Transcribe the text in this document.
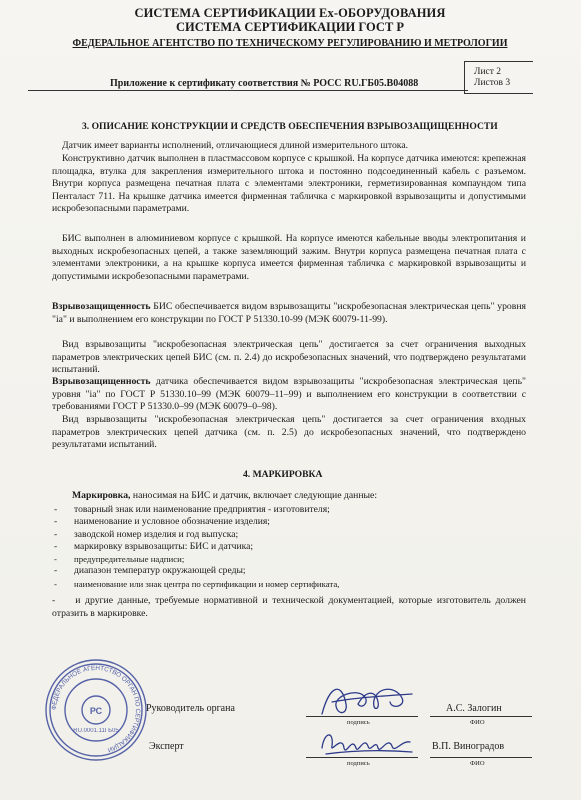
СИСТЕМА СЕРТИФИКАЦИИ Ех-ОБОРУДОВАНИЯ
СИСТЕМА СЕРТИФИКАЦИИ ГОСТ Р
ФЕДЕРАЛЬНОЕ АГЕНТСТВО ПО ТЕХНИЧЕСКОМУ РЕГУЛИРОВАНИЮ И МЕТРОЛОГИИ
Приложение к сертификату соответствия № РОСС RU.ГБ05.В04088
Лист 2
Листов 3
3. ОПИСАНИЕ КОНСТРУКЦИИ И СРЕДСТВ ОБЕСПЕЧЕНИЯ ВЗРЫВОЗАЩИЩЕННОСТИ
Датчик имеет варианты исполнений, отличающиеся длиной измерительного штока.
Конструктивно датчик выполнен в пластмассовом корпусе с крышкой. На корпусе датчика имеются: крепежная площадка, втулка для закрепления измерительного штока и постоянно подсоединенный кабель с разъемом. Внутри корпуса размещена печатная плата с элементами электроники, герметизированная компаундом типа Пенталаст 711. На крышке датчика имеется фирменная табличка с маркировкой взрывозащиты и допустимыми искробезопасными параметрами.
БИС выполнен в алюминиевом корпусе с крышкой. На корпусе имеются кабельные вводы электропитания и выходных искробезопасных цепей, а также заземляющий зажим. Внутри корпуса размещена печатная плата с элементами электроники, а на крышке корпуса имеется фирменная табличка с маркировкой взрывозащиты и допустимыми искробезопасными параметрами.
Взрывозащищенность БИС обеспечивается видом взрывозащиты "искробезопасная электрическая цепь" уровня "ia" и выполнением его конструкции по ГОСТ Р 51330.10-99 (МЭК 60079-11-99).
Вид взрывозащиты "искробезопасная электрическая цепь" достигается за счет ограничения выходных параметров электрических цепей БИС (см. п. 2.4) до искробезопасных значений, что подтверждено результатами испытаний.
Взрывозащищенность датчика обеспечивается видом взрывозащиты "искробезопасная электрическая цепь" уровня "ia" по ГОСТ Р 51330.10–99 (МЭК 60079–11–99) и выполнением его конструкции в соответствии с требованиями ГОСТ Р 51330.0–99 (МЭК 60079–0–98).
Вид взрывозащиты "искробезопасная электрическая цепь" достигается за счет ограничения входных параметров электрических цепей датчика (см. п. 2.5) до искробезопасных значений, что подтверждено результатами испытаний.
4. МАРКИРОВКА
Маркировка, наносимая на БИС и датчик, включает следующие данные:
- товарный знак или наименование предприятия - изготовителя;
- наименование и условное обозначение изделия;
- заводской номер изделия и год выпуска;
- маркировку взрывозащиты: БИС и датчика;
- предупредительные надписи;
- диапазон температур окружающей среды;
- наименование или знак центра по сертификации и номер сертификата,
- и другие данные, требуемые нормативной и технической документацией, которые изготовитель должен отразить в маркировке.
ФЕДЕРАЛЬНОЕ АГЕНТСТВО ОРГАН ПО СЕРТИФИКАЦИИ
RU.0001.11ГБ05
РС	Руководитель органа
подпись
А.С. Залогин
ФИО
Эксперт
подпись
В.П. Виноградов
ФИО
